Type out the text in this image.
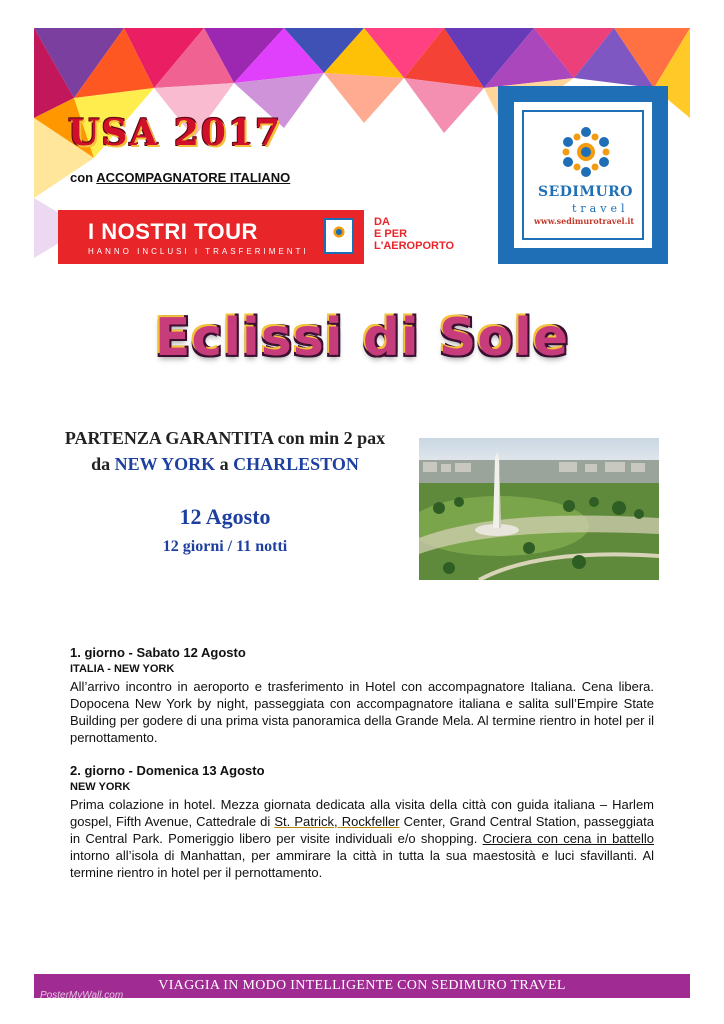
USA 2017
con ACCOMPAGNATORE ITALIANO
I NOSTRI TOUR
HANNO INCLUSI I TRASFERIMENTI
DA
E PER
L'AEROPORTO
SEDIMURO
travel
www.sedimurotravel.it
Eclissi di Sole
PARTENZA GARANTITA con min 2 pax
da NEW YORK a CHARLESTON
12 Agosto
12 giorni / 11 notti
1. giorno - Sabato 12 Agosto
ITALIA - NEW YORK
All’arrivo incontro in aeroporto e trasferimento in Hotel con accompagnatore Italiana. Cena libera. Dopocena New York by night, passeggiata con accompagnatore italiana e salita sull’Empire State Building per godere di una prima vista panoramica della Grande Mela. Al termine rientro in hotel per il pernottamento.
2. giorno - Domenica 13 Agosto
NEW YORK
Prima colazione in hotel. Mezza giornata dedicata alla visita della città con guida italiana – Harlem gospel, Fifth Avenue, Cattedrale di St. Patrick, Rockfeller Center, Grand Central Station, passeggiata in Central Park. Pomeriggio libero per visite individuali e/o shopping. Crociera con cena in battello intorno all’isola di Manhattan, per ammirare la città in tutta la sua maestosità e luci sfavillanti. Al termine rientro in hotel per il pernottamento.
VIAGGIA IN MODO INTELLIGENTE CON SEDIMURO TRAVEL
PosterMyWall.com
